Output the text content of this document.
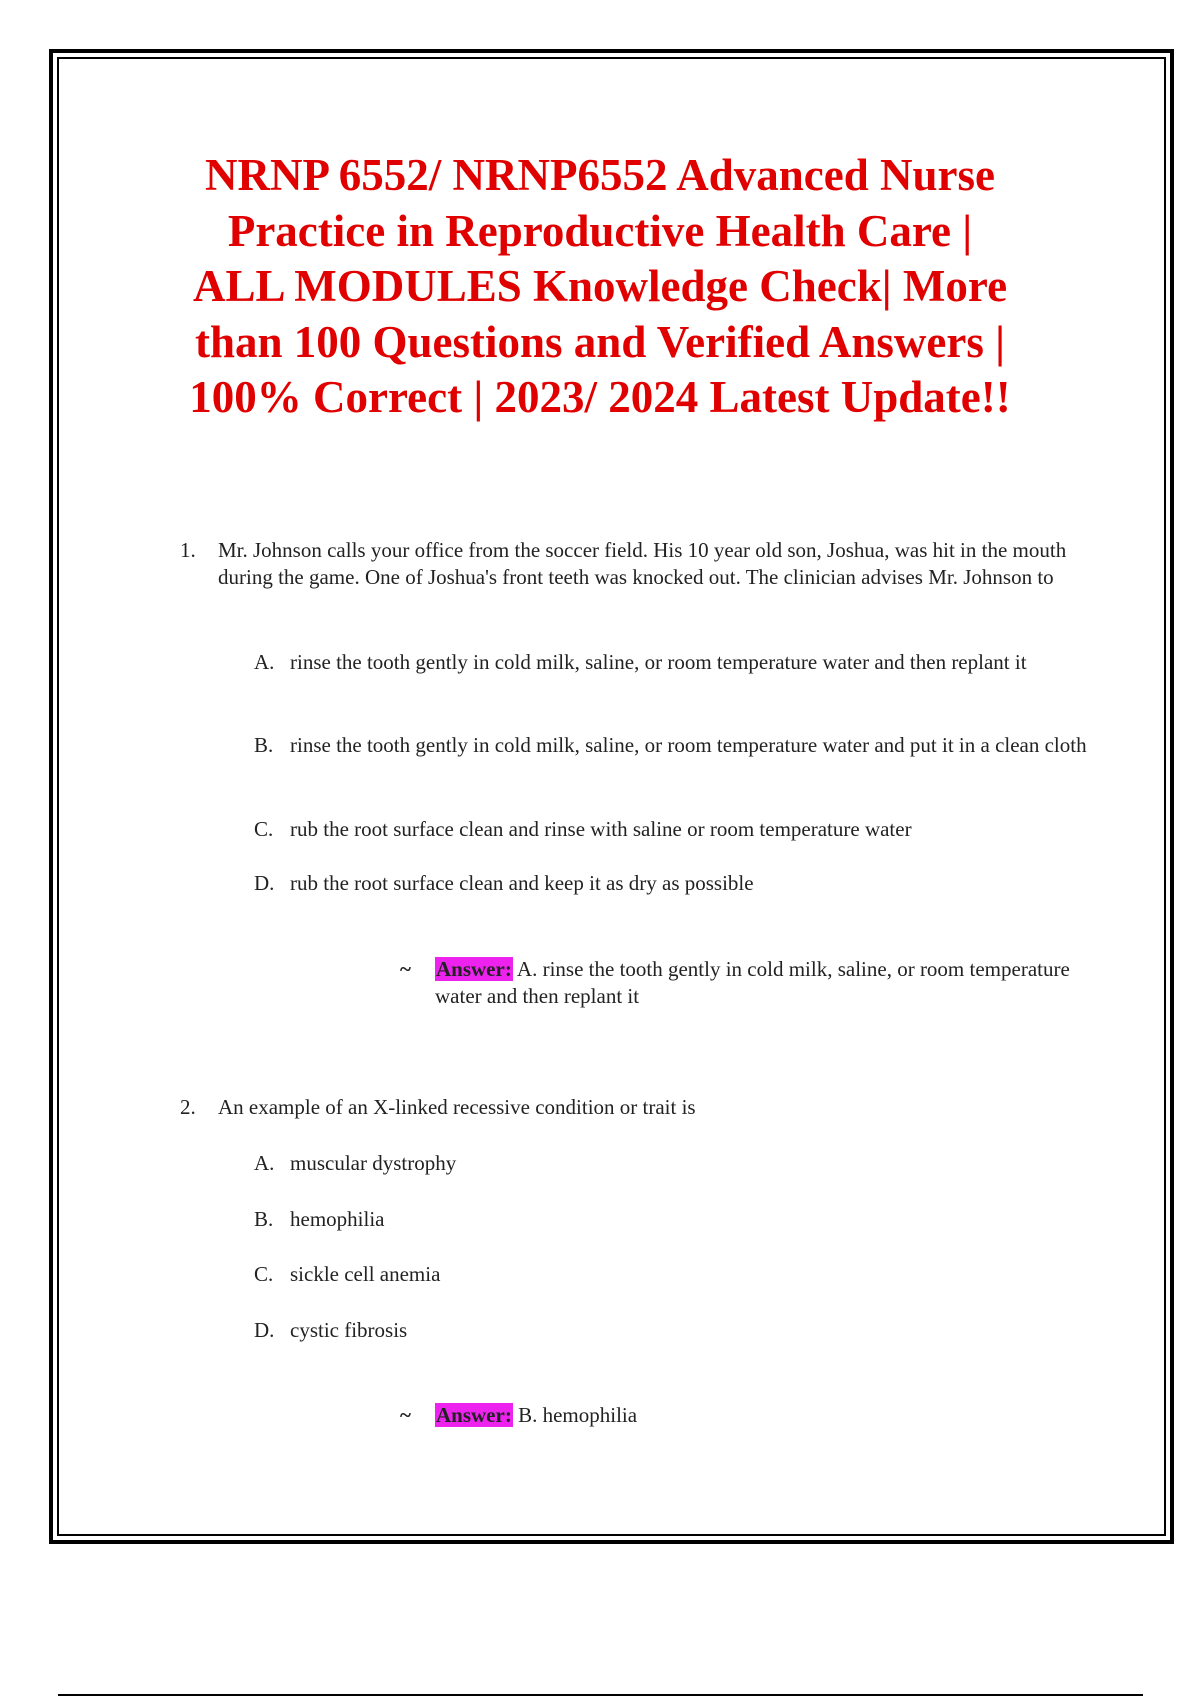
NRNP 6552/ NRNP6552 Advanced Nurse Practice in Reproductive Health Care | ALL MODULES Knowledge Check| More than 100 Questions and Verified Answers | 100% Correct | 2023/ 2024 Latest Update!!
1. Mr. Johnson calls your office from the soccer field. His 10 year old son, Joshua, was hit in the mouth during the game. One of Joshua's front teeth was knocked out. The clinician advises Mr. Johnson to

A. rinse the tooth gently in cold milk, saline, or room temperature water and then replant it
B. rinse the tooth gently in cold milk, saline, or room temperature water and put it in a clean cloth
C. rub the root surface clean and rinse with saline or room temperature water
D. rub the root surface clean and keep it as dry as possible
~ Answer: A. rinse the tooth gently in cold milk, saline, or room temperature water and then replant it
2. An example of an X-linked recessive condition or trait is

A. muscular dystrophy
B. hemophilia
C. sickle cell anemia
D. cystic fibrosis
~ Answer: B. hemophilia
